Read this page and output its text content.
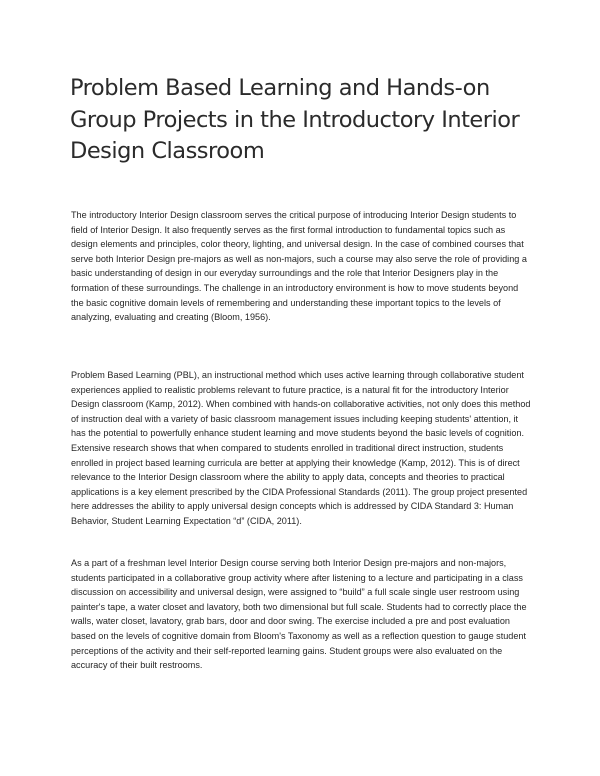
Problem Based Learning and Hands-on Group Projects in the Introductory Interior Design Classroom

The introductory Interior Design classroom serves the critical purpose of introducing Interior Design students to field of Interior Design. It also frequently serves as the first formal introduction to fundamental topics such as design elements and principles, color theory, lighting, and universal design. In the case of combined courses that serve both Interior Design pre-majors as well as non-majors, such a course may also serve the role of providing a basic understanding of design in our everyday surroundings and the role that Interior Designers play in the formation of these surroundings. The challenge in an introductory environment is how to move students beyond the basic cognitive domain levels of remembering and understanding these important topics to the levels of analyzing, evaluating and creating (Bloom, 1956).

Problem Based Learning (PBL), an instructional method which uses active learning through collaborative student experiences applied to realistic problems relevant to future practice, is a natural fit for the introductory Interior Design classroom (Kamp, 2012). When combined with hands-on collaborative activities, not only does this method of instruction deal with a variety of basic classroom management issues including keeping students' attention, it has the potential to powerfully enhance student learning and move students beyond the basic levels of cognition. Extensive research shows that when compared to students enrolled in traditional direct instruction, students enrolled in project based learning curricula are better at applying their knowledge (Kamp, 2012). This is of direct relevance to the Interior Design classroom where the ability to apply data, concepts and theories to practical applications is a key element prescribed by the CIDA Professional Standards (2011). The group project presented here addresses the ability to apply universal design concepts which is addressed by CIDA Standard 3: Human Behavior, Student Learning Expectation “d” (CIDA, 2011).

As a part of a freshman level Interior Design course serving both Interior Design pre-majors and non-majors, students participated in a collaborative group activity where after listening to a lecture and participating in a class discussion on accessibility and universal design, were assigned to “build” a full scale single user restroom using painter's tape, a water closet and lavatory, both two dimensional but full scale. Students had to correctly place the walls, water closet, lavatory, grab bars, door and door swing. The exercise included a pre and post evaluation based on the levels of cognitive domain from Bloom's Taxonomy as well as a reflection question to gauge student perceptions of the activity and their self-reported learning gains. Student groups were also evaluated on the accuracy of their built restrooms.
